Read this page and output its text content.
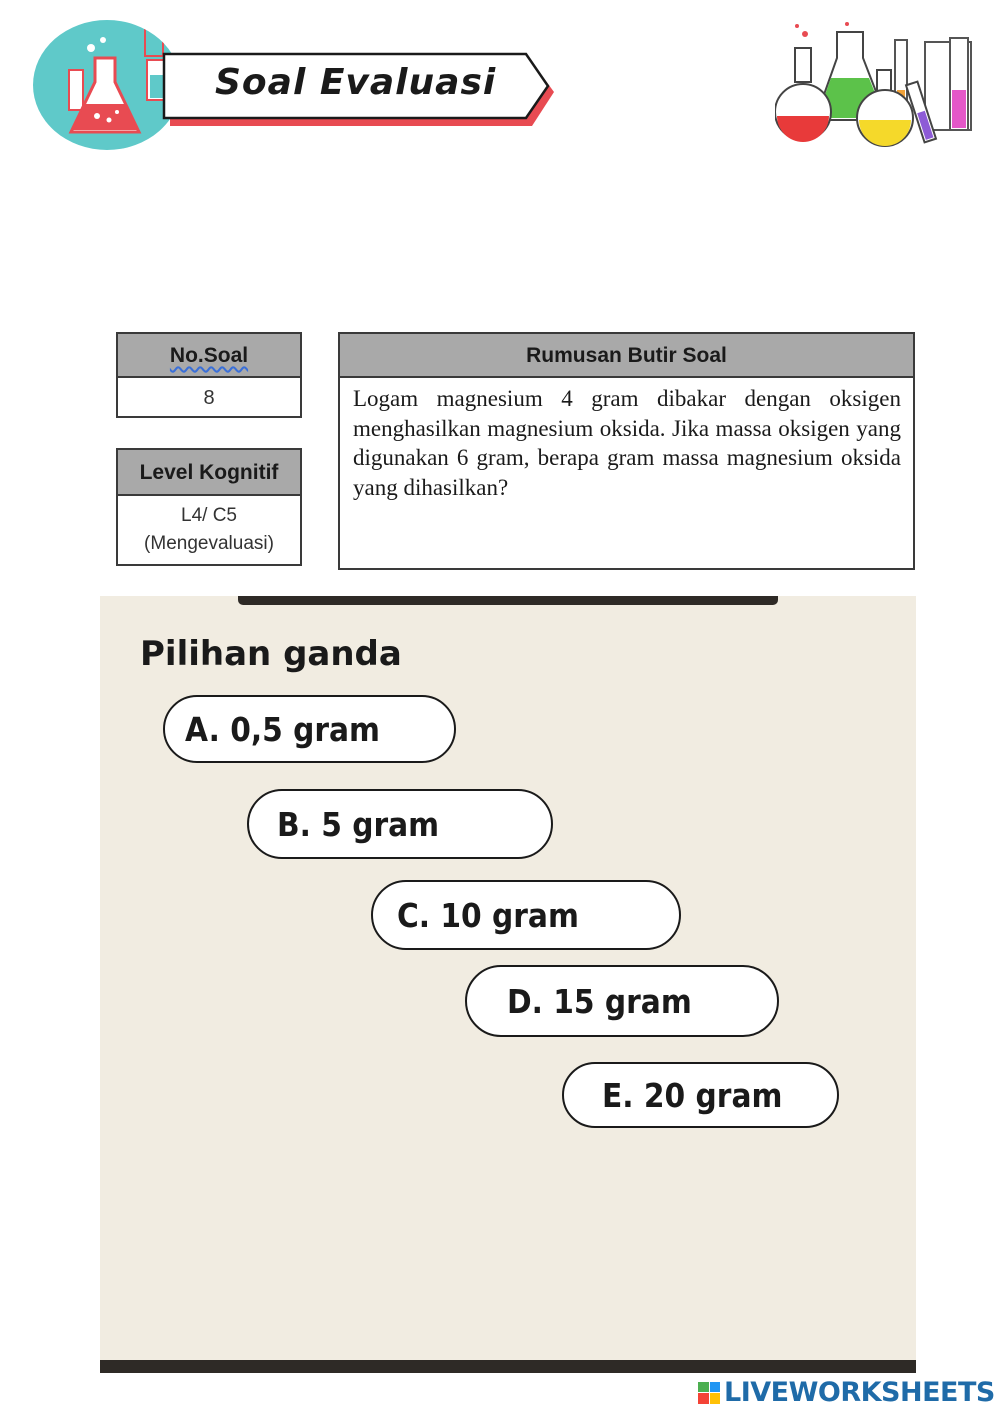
Soal Evaluasi
No.Soal
8
Level Kognitif
L4/ C5
(Mengevaluasi)
Rumusan Butir Soal
Logam magnesium 4 gram dibakar dengan oksigen menghasilkan magnesium oksida. Jika massa oksigen yang digunakan 6 gram, berapa gram massa magnesium oksida yang dihasilkan?
Pilihan ganda
A. 0,5 gram
B. 5 gram
C. 10 gram
D. 15 gram
E. 20 gram
LIVEWORKSHEETS
